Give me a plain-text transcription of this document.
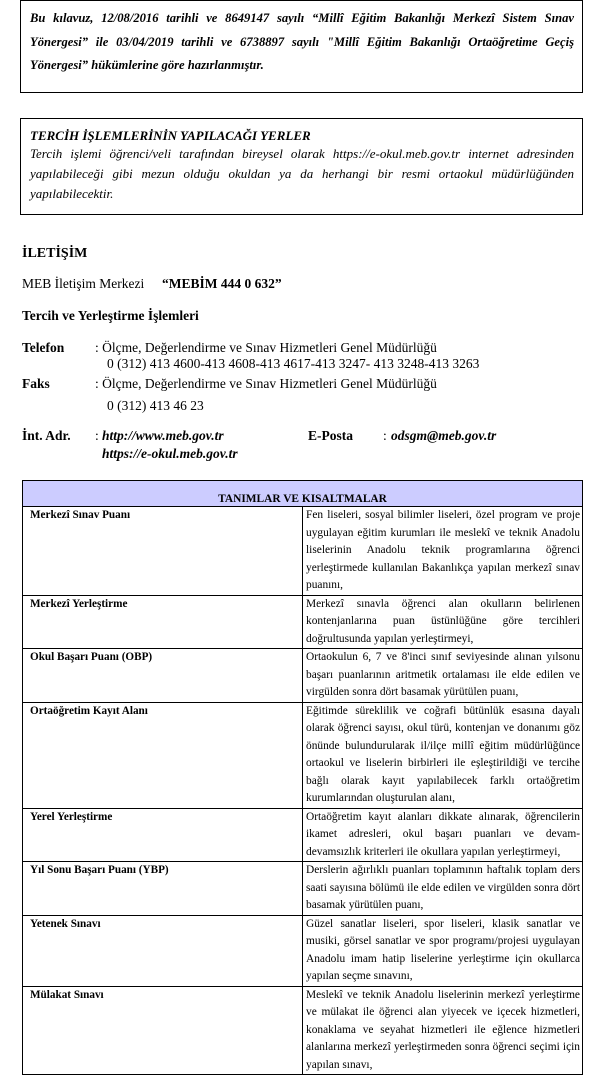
Bu kılavuz, 12/08/2016 tarihli ve 8649147 sayılı “Millî Eğitim Bakanlığı Merkezî Sistem Sınav Yönergesi” ile 03/04/2019 tarihli ve 6738897 sayılı "Millî Eğitim Bakanlığı Ortaöğretime Geçiş Yönergesi” hükümlerine göre hazırlanmıştır.

TERCİH İŞLEMLERİNİN YAPILACAĞI YERLER

Tercih işlemi öğrenci/veli tarafından bireysel olarak https://e-okul.meb.gov.tr internet adresinden yapılabileceği gibi mezun olduğu okuldan ya da herhangi bir resmi ortaokul müdürlüğünden yapılabilecektir.

İLETİŞİM
MEB İletişim Merkezi “MEBİM 444 0 632”
Tercih ve Yerleştirme İşlemleri
Telefon : Ölçme, Değerlendirme ve Sınav Hizmetleri Genel Müdürlüğü
0 (312) 413 4600-413 4608-413 4617-413 3247- 413 3248-413 3263
Faks	: Ölçme, Değerlendirme ve Sınav Hizmetleri Genel Müdürlüğü
0 (312) 413 46 23
İnt. Adr. : http://www.meb.gov.tr
https://e-okul.meb.gov.tr
E-Posta : odsgm@meb.gov.tr
TANIMLAR VE KISALTMALAR	
Merkezî Sınav Puanı	Fen liseleri, sosyal bilimler liseleri, özel program ve proje uygulayan eğitim kurumları ile meslekî ve teknik Anadolu liselerinin Anadolu teknik programlarına öğrenci yerleştirmede kullanılan Bakanlıkça yapılan merkezî sınav puanını,
Merkezî Yerleştirme	Merkezî sınavla öğrenci alan okulların belirlenen kontenjanlarına puan üstünlüğüne göre tercihleri doğrultusunda yapılan yerleştirmeyi,
Okul Başarı Puanı (OBP)	Ortaokulun 6, 7 ve 8'inci sınıf seviyesinde alınan yılsonu başarı puanlarının aritmetik ortalaması ile elde edilen ve virgülden sonra dört basamak yürütülen puanı,
Ortaöğretim Kayıt Alanı	Eğitimde süreklilik ve coğrafi bütünlük esasına dayalı olarak öğrenci sayısı, okul türü, kontenjan ve donanımı göz önünde bulundurularak il/ilçe millî eğitim müdürlüğünce ortaokul ve liselerin birbirleri ile eşleştirildiği ve tercihe bağlı olarak kayıt yapılabilecek farklı ortaöğretim kurumlarından oluşturulan alanı,
Yerel Yerleştirme	Ortaöğretim kayıt alanları dikkate alınarak, öğrencilerin ikamet adresleri, okul başarı puanları ve devam- devamsızlık kriterleri ile okullara yapılan yerleştirmeyi,
Yıl Sonu Başarı Puanı (YBP)	Derslerin ağırlıklı puanları toplamının haftalık toplam ders saati sayısına bölümü ile elde edilen ve virgülden sonra dört basamak yürütülen puanı,
Yetenek Sınavı	Güzel sanatlar liseleri, spor liseleri, klasik sanatlar ve musiki, görsel sanatlar ve spor programı/projesi uygulayan Anadolu imam hatip liselerine yerleştirme için okullarca yapılan seçme sınavını,
Mülakat Sınavı	Meslekî ve teknik Anadolu liselerinin merkezî yerleştirme ve mülakat ile öğrenci alan yiyecek ve içecek hizmetleri, konaklama ve seyahat hizmetleri ile eğlence hizmetleri alanlarına merkezî yerleştirmeden sonra öğrenci seçimi için yapılan sınavı,
